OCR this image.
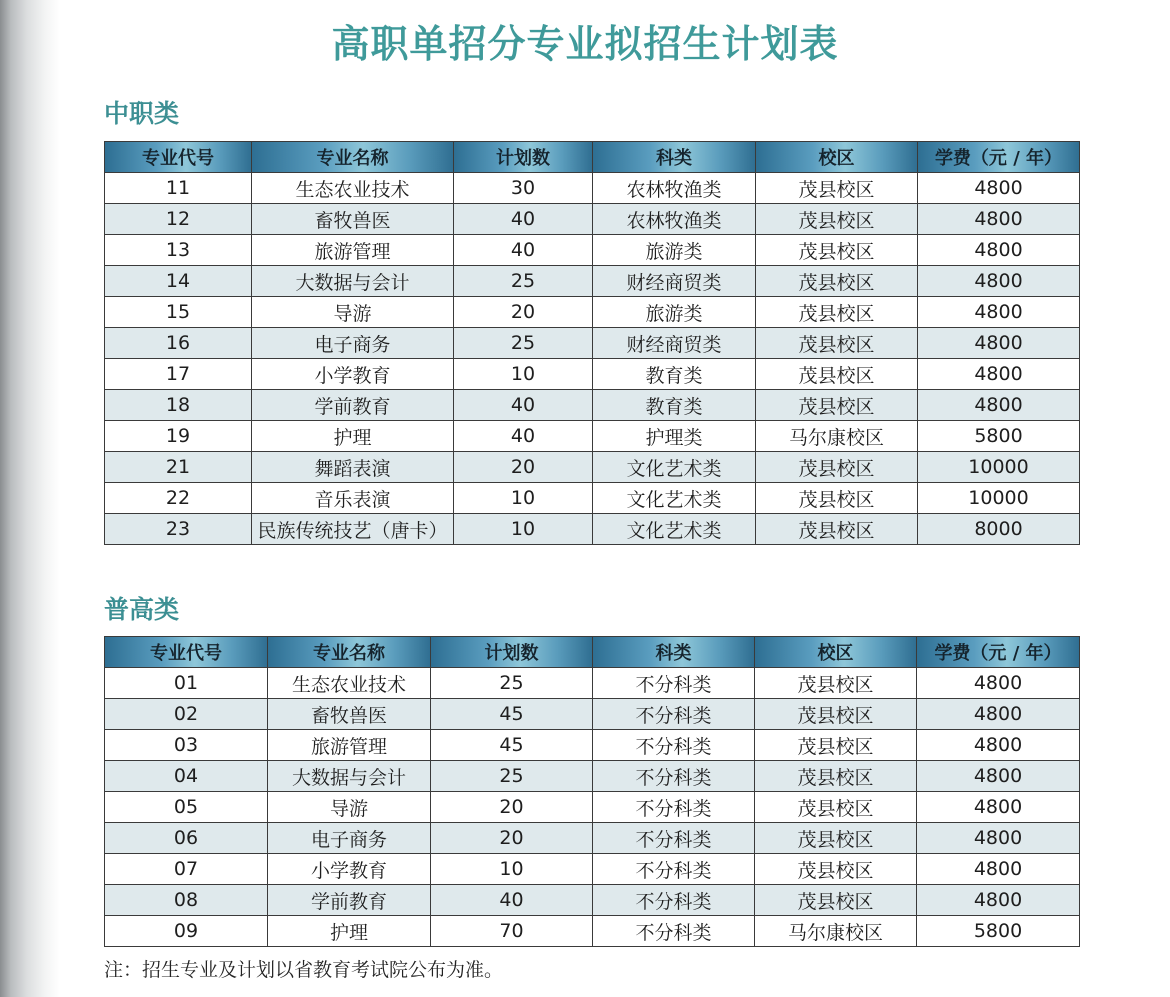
高职单招分专业拟招生计划表
中职类
专业代号	专业名称	计划数	科类	校区	学费（元 / 年）
11	生态农业技术	30	农林牧渔类	茂县校区	4800
12	畜牧兽医	40	农林牧渔类	茂县校区	4800
13	旅游管理	40	旅游类	茂县校区	4800
14	大数据与会计	25	财经商贸类	茂县校区	4800
15	导游	20	旅游类	茂县校区	4800
16	电子商务	25	财经商贸类	茂县校区	4800
17	小学教育	10	教育类	茂县校区	4800
18	学前教育	40	教育类	茂县校区	4800
19	护理	40	护理类	马尔康校区	5800
21	舞蹈表演	20	文化艺术类	茂县校区	10000
22	音乐表演	10	文化艺术类	茂县校区	10000
23	民族传统技艺（唐卡）	10	文化艺术类	茂县校区	8000
普高类
专业代号	专业名称	计划数	科类	校区	学费（元 / 年）
01	生态农业技术	25	不分科类	茂县校区	4800
02	畜牧兽医	45	不分科类	茂县校区	4800
03	旅游管理	45	不分科类	茂县校区	4800
04	大数据与会计	25	不分科类	茂县校区	4800
05	导游	20	不分科类	茂县校区	4800
06	电子商务	20	不分科类	茂县校区	4800
07	小学教育	10	不分科类	茂县校区	4800
08	学前教育	40	不分科类	茂县校区	4800
09	护理	70	不分科类	马尔康校区	5800
注：招生专业及计划以省教育考试院公布为准。
